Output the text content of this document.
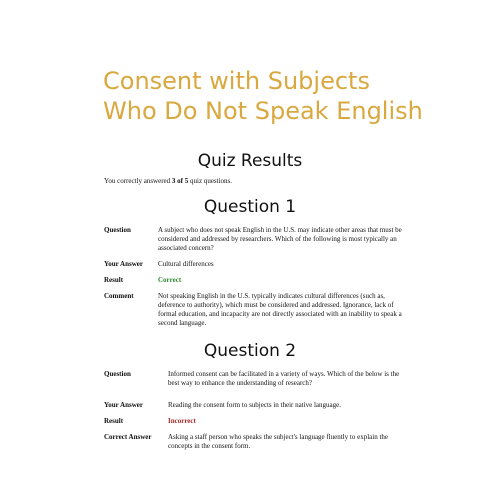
Consent with Subjects
Who Do Not Speak English
Quiz Results

You correctly answered 3 of 5 quiz questions.

Question 1
Question	A subject who does not speak English in the U.S. may indicate other areas that must be considered and addressed by researchers. Which of the following is most typically an associated concern?
Your Answer	Cultural differences
Result	Correct
Comment	Not speaking English in the U.S. typically indicates cultural differences (such as, deference to authority), which must be considered and addressed. Ignorance, lack of formal education, and incapacity are not directly associated with an inability to speak a second language.
Question 2
Question	Informed consent can be facilitated in a variety of ways. Which of the below is the best way to enhance the understanding of research?
Your Answer	Reading the consent form to subjects in their native language.
Result	Incorrect
Correct Answer	Asking a staff person who speaks the subject's language fluently to explain the concepts in the consent form.
